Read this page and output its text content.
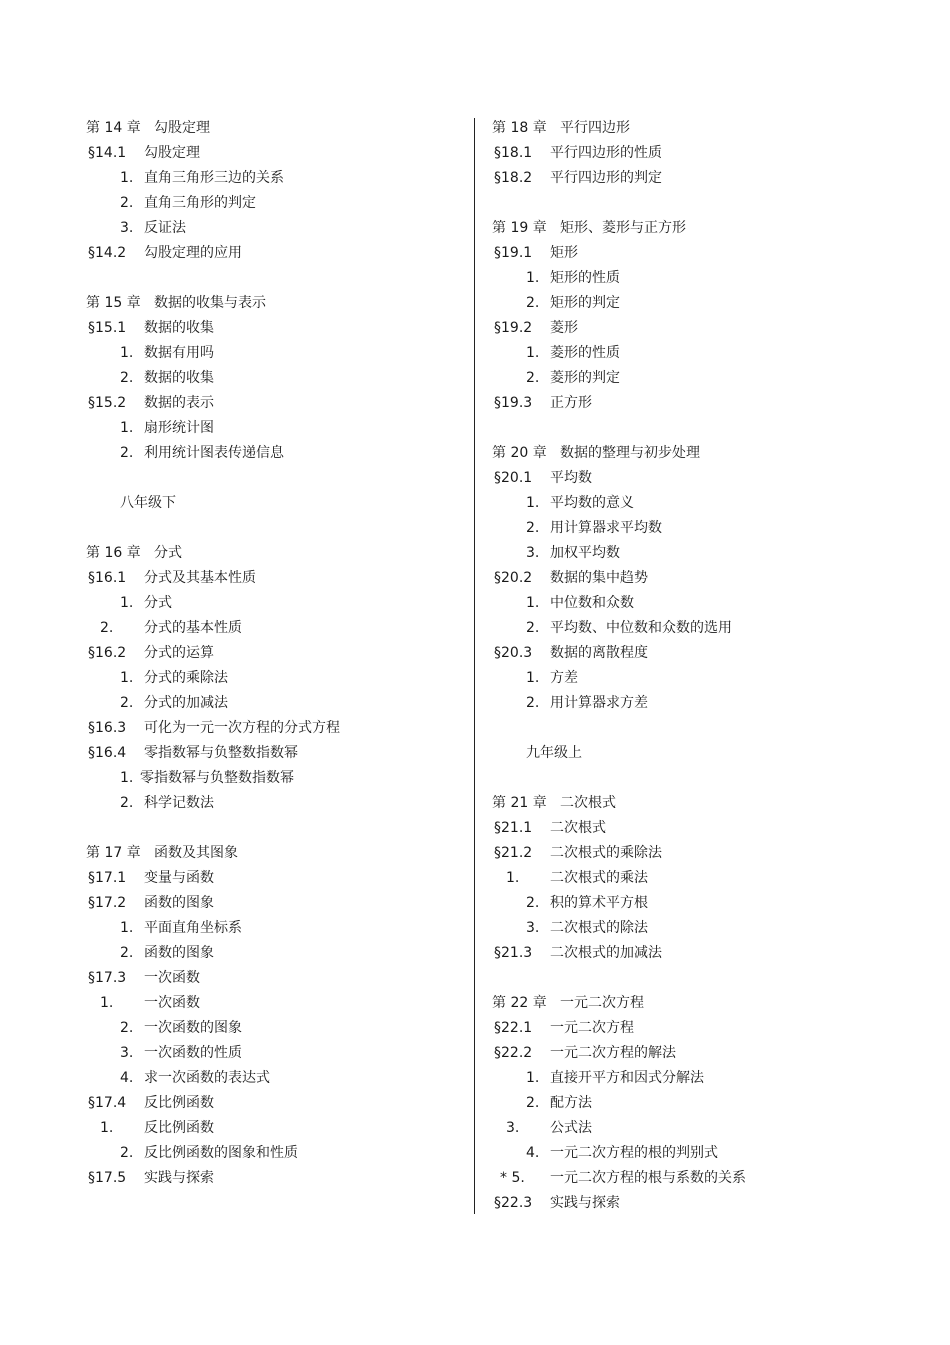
第 14 章 勾股定理
§14.1 勾股定理
1. 直角三角形三边的关系
2. 直角三角形的判定
3. 反证法
§14.2 勾股定理的应用
第 15 章 数据的收集与表示
§15.1 数据的收集
1. 数据有用吗
2. 数据的收集
§15.2 数据的表示
1. 扇形统计图
2. 利用统计图表传递信息
八年级下
第 16 章 分式
§16.1 分式及其基本性质
1. 分式
2. 分式的基本性质
§16.2 分式的运算
1. 分式的乘除法
2. 分式的加减法
§16.3 可化为一元一次方程的分式方程
§16.4 零指数幂与负整数指数幂
1. 零指数幂与负整数指数幂
2. 科学记数法
第 17 章 函数及其图象
§17.1 变量与函数
§17.2 函数的图象
1. 平面直角坐标系
2. 函数的图象
§17.3 一次函数
1. 一次函数
2. 一次函数的图象
3. 一次函数的性质
4. 求一次函数的表达式
§17.4 反比例函数
1. 反比例函数
2. 反比例函数的图象和性质
§17.5 实践与探索
第 18 章 平行四边形
§18.1 平行四边形的性质
§18.2 平行四边形的判定
第 19 章 矩形、菱形与正方形
§19.1 矩形
1. 矩形的性质
2. 矩形的判定
§19.2 菱形
1. 菱形的性质
2. 菱形的判定
§19.3 正方形
第 20 章 数据的整理与初步处理
§20.1 平均数
1. 平均数的意义
2. 用计算器求平均数
3. 加权平均数
§20.2 数据的集中趋势
1. 中位数和众数
2. 平均数、中位数和众数的选用
§20.3 数据的离散程度
1. 方差
2. 用计算器求方差
九年级上
第 21 章 二次根式
§21.1 二次根式
§21.2 二次根式的乘除法
1. 二次根式的乘法
2. 积的算术平方根
3. 二次根式的除法
§21.3 二次根式的加减法
第 22 章 一元二次方程
§22.1 一元二次方程
§22.2 一元二次方程的解法
1. 直接开平方和因式分解法
2. 配方法
3. 公式法
4. 一元二次方程的根的判别式
* 5. 一元二次方程的根与系数的关系
§22.3 实践与探索
